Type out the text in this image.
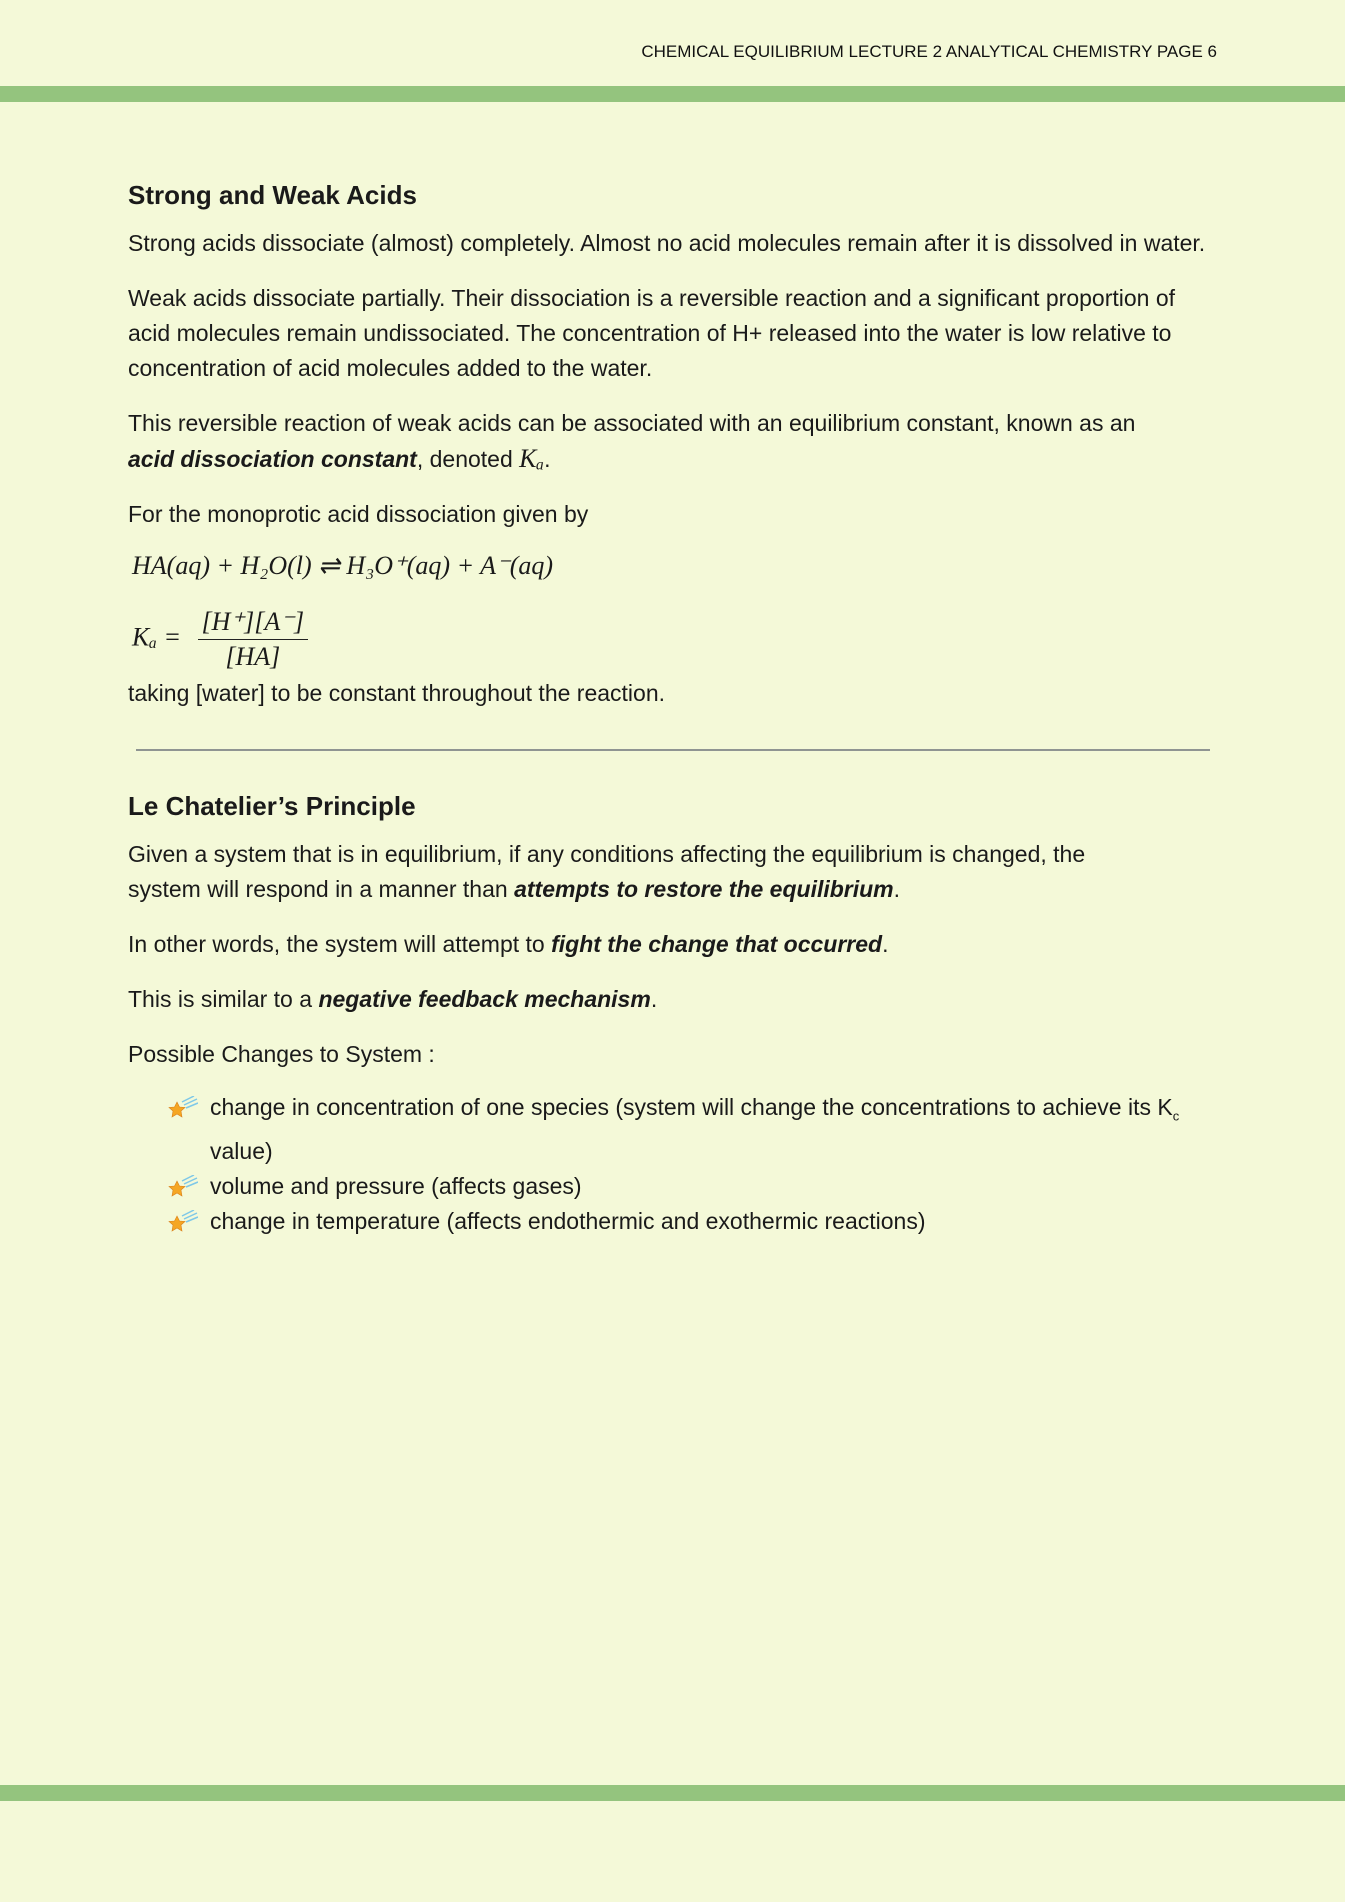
CHEMICAL EQUILIBRIUM LECTURE 2 ANALYTICAL CHEMISTRY PAGE 6
Strong and Weak Acids

Strong acids dissociate (almost) completely. Almost no acid molecules remain after it is dissolved in water.

Weak acids dissociate partially. Their dissociation is a reversible reaction and a significant proportion of acid molecules remain undissociated. The concentration of H+ released into the water is low relative to concentration of acid molecules added to the water.

This reversible reaction of weak acids can be associated with an equilibrium constant, known as an
acid dissociation constant, denoted Kₐ.

For the monoprotic acid dissociation given by

HA(aq) + H₂O(l) ⇌ H₃O⁺(aq) + A⁻(aq)
$K_a = \frac{[H^+][A^-]}{[HA]}$

taking [water] to be constant throughout the reaction.

Le Chatelier’s Principle

Given a system that is in equilibrium, if any conditions affecting the equilibrium is changed, the system will respond in a manner than attempts to restore the equilibrium.

In other words, the system will attempt to fight the change that occurred.

This is similar to a negative feedback mechanism.

Possible Changes to System :

change in concentration of one species (system will change the concentrations to achieve its $K_c$ value)
volume and pressure (affects gases)
change in temperature (affects endothermic and exothermic reactions)
